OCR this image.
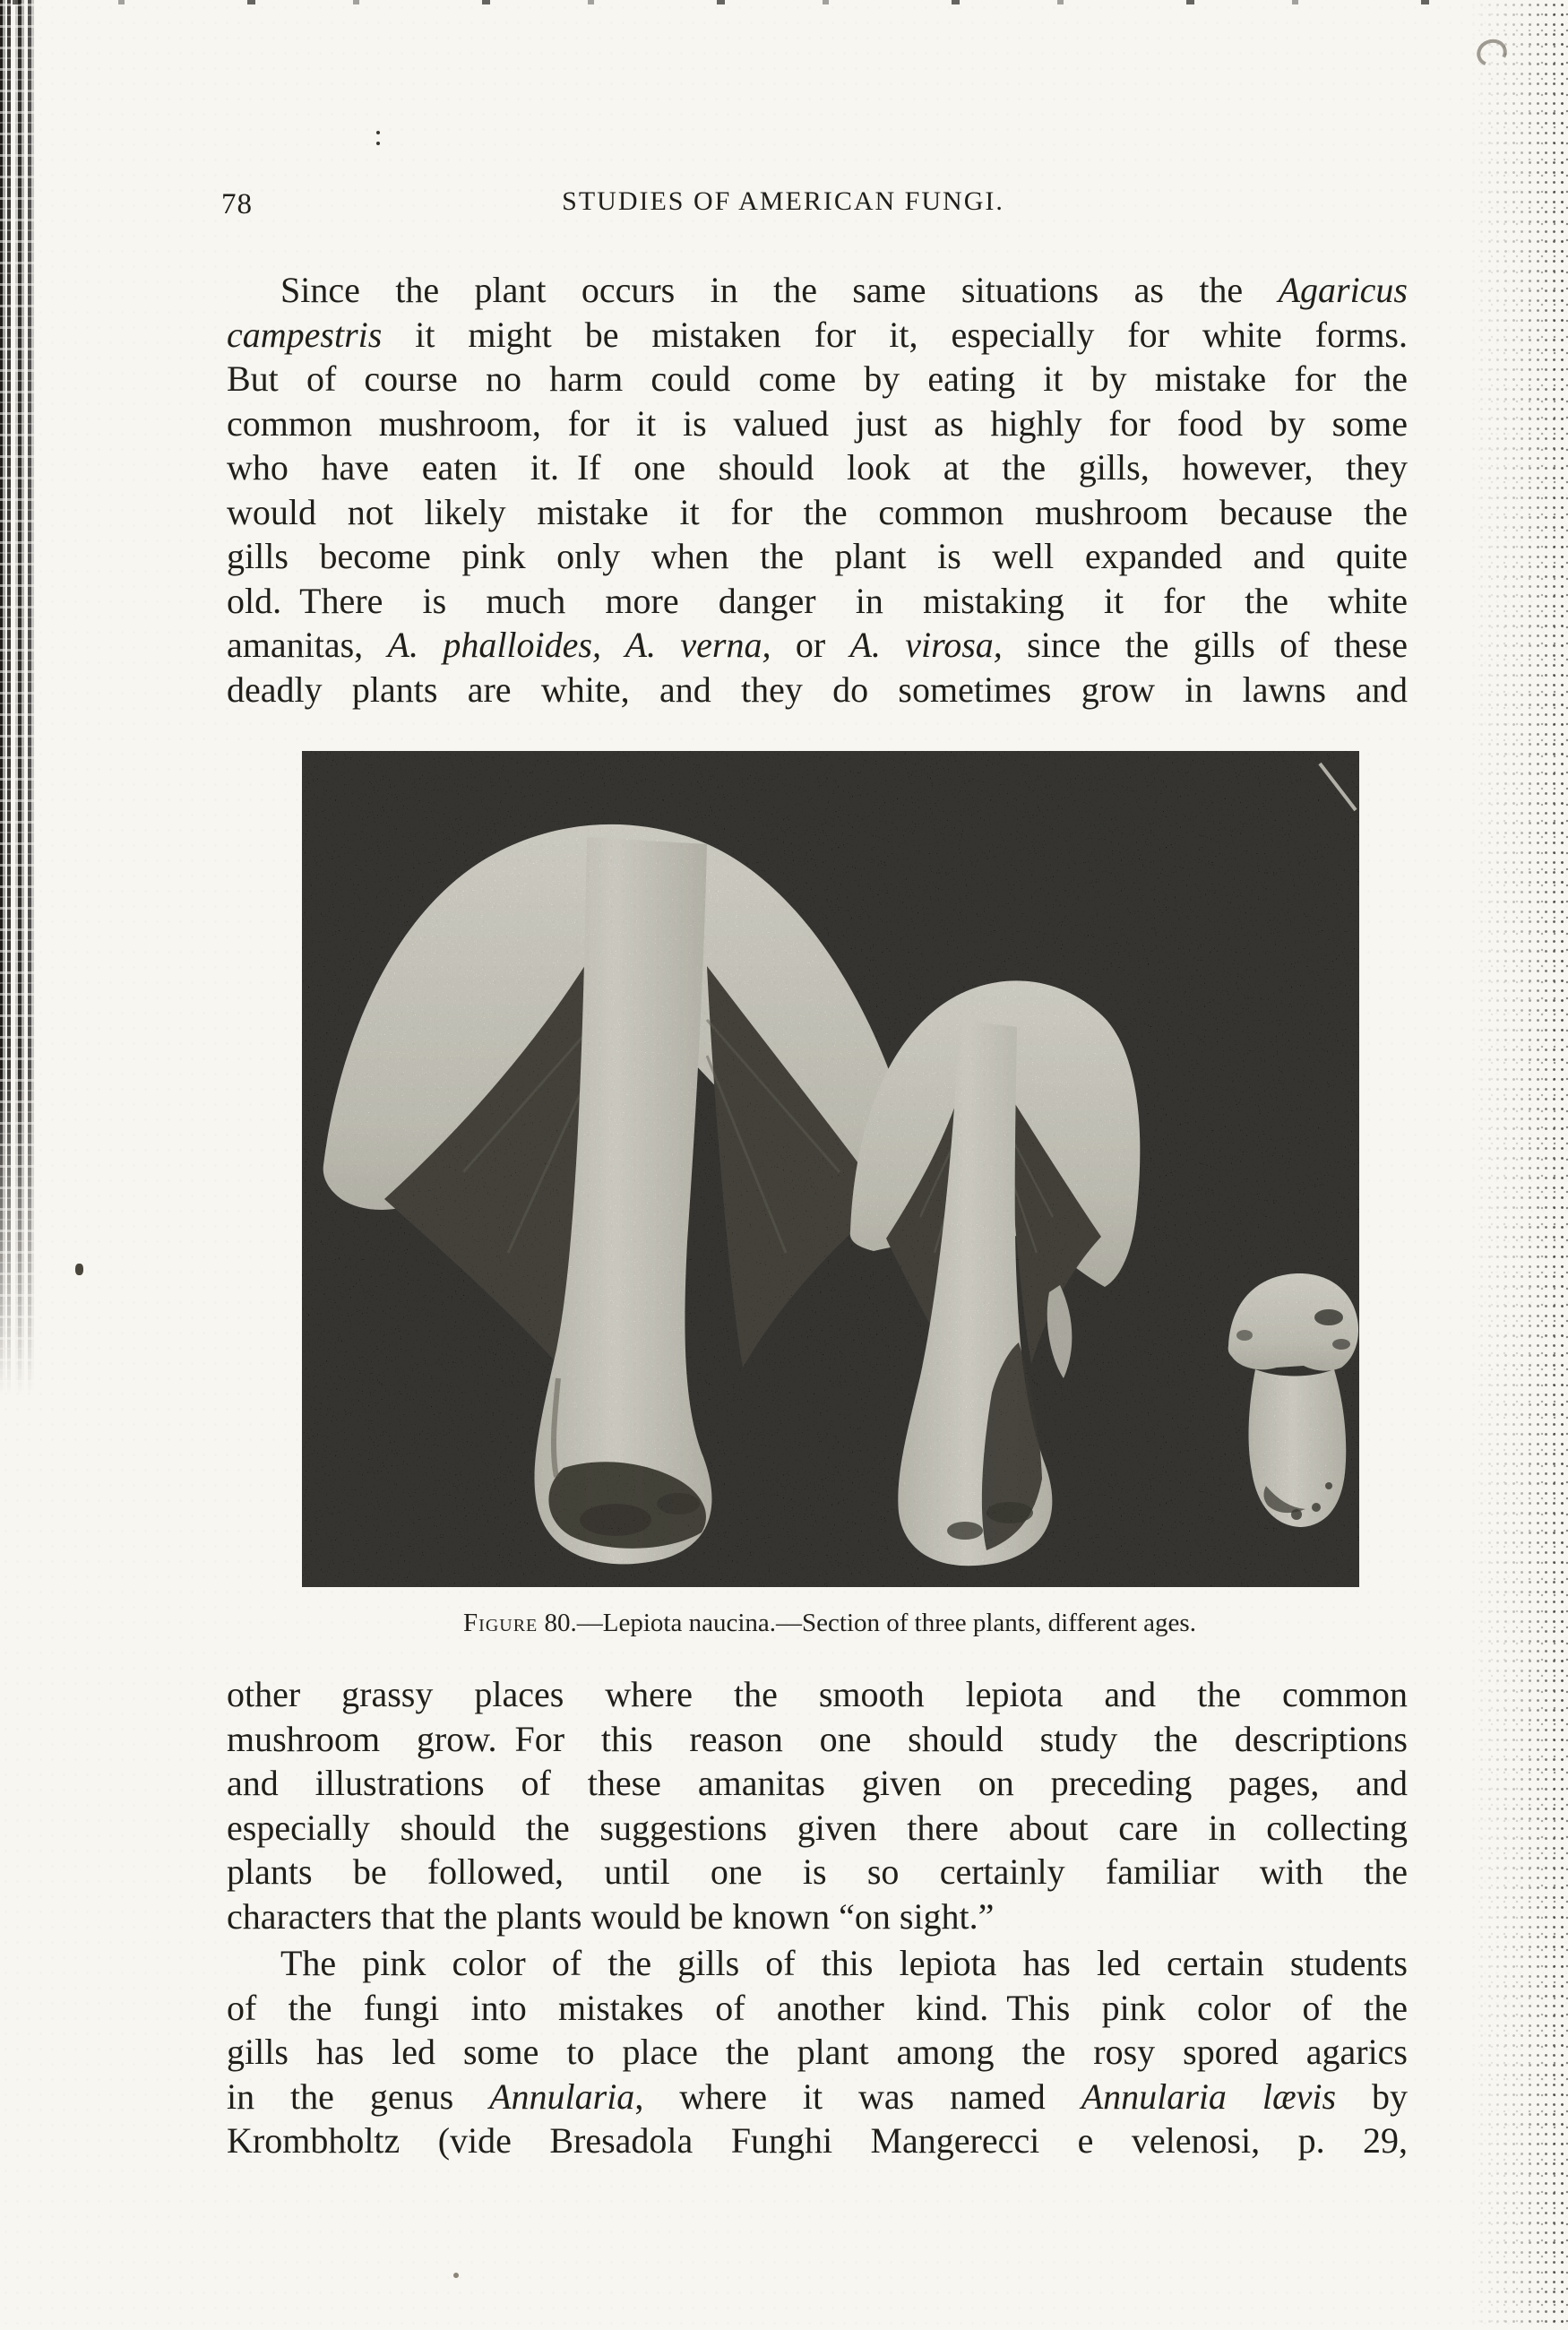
78	STUDIES OF AMERICAN FUNGI.
Since the plant occurs in the same situations as the Agaricus
campestris it might be mistaken for it, especially for white forms.
But of course no harm could come by eating it by mistake for the
common mushroom, for it is valued just as highly for food by some
who have eaten it. If one should look at the gills, however, they
would not likely mistake it for the common mushroom because the
gills become pink only when the plant is well expanded and quite
old. There is much more danger in mistaking it for the white
amanitas, A. phalloides, A. verna, or A. virosa, since the gills of these
deadly plants are white, and they do sometimes grow in lawns and
Figure 80.—Lepiota naucina.—Section of three plants, different ages.
other grassy places where the smooth lepiota and the common
mushroom grow. For this reason one should study the descriptions
and illustrations of these amanitas given on preceding pages, and
especially should the suggestions given there about care in collecting
plants be followed, until one is so certainly familiar with the
characters that the plants would be known “on sight.”
The pink color of the gills of this lepiota has led certain students
of the fungi into mistakes of another kind. This pink color of the
gills has led some to place the plant among the rosy spored agarics
in the genus Annularia, where it was named Annularia lævis by
Krombholtz (vide Bresadola Funghi Mangerecci e velenosi, p. 29,
